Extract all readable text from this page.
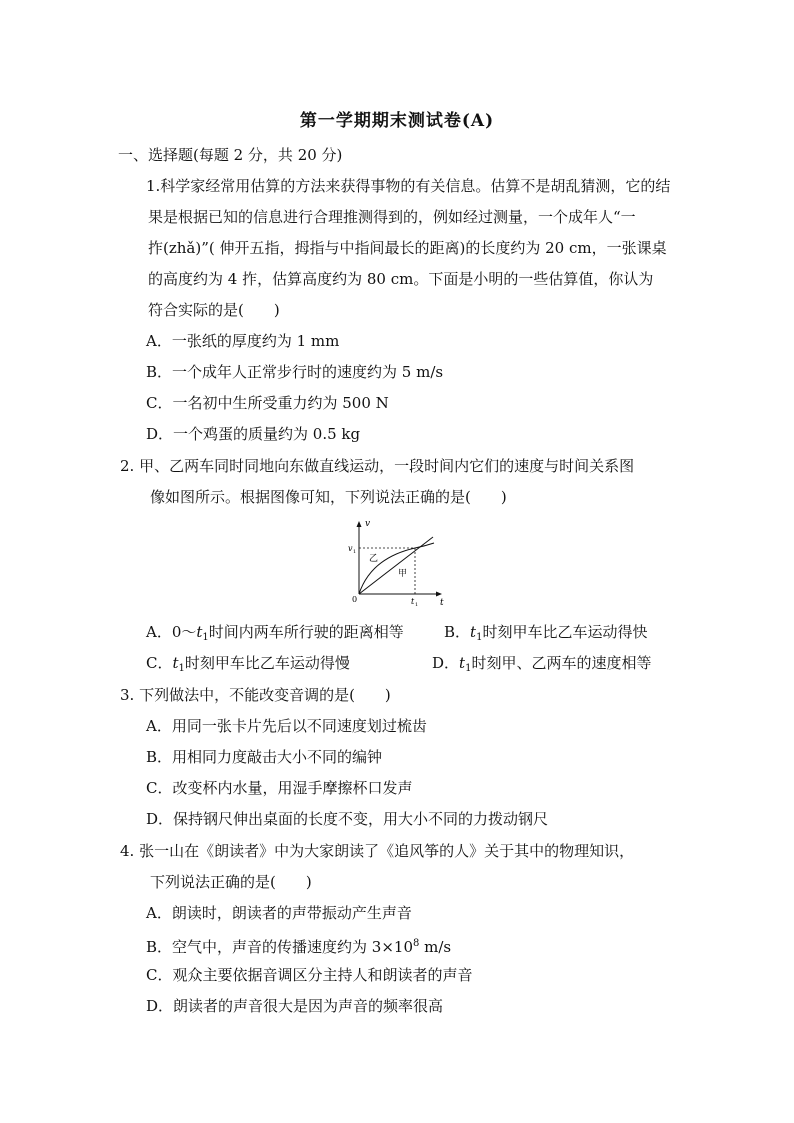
第一学期期末测试卷(A)
一、选择题(每题 2 分，共 20 分)
1.科学家经常用估算的方法来获得事物的有关信息。估算不是胡乱猜测，它的结
果是根据已知的信息进行合理推测得到的，例如经过测量，一个成年人“一
拃(zhǎ)”( 伸开五指，拇指与中指间最长的距离)的长度约为 20 cm，一张课桌
的高度约为 4 拃，估算高度约为 80 cm。下面是小明的一些估算值，你认为
符合实际的是(　　)
A．一张纸的厚度约为 1 mm
B．一个成年人正常步行时的速度约为 5 m/s
C．一名初中生所受重力约为 500 N
D．一个鸡蛋的质量约为 0.5 kg
2. 甲、乙两车同时同地向东做直线运动，一段时间内它们的速度与时间关系图
像如图所示。根据图像可知，下列说法正确的是(　　)
v
t
0
v 1
t 1
乙
甲
A．$0\sim t_1$时间内两车所行驶的距离相等	B．$t_1$时刻甲车比乙车运动得快
C．$t_1$时刻甲车比乙车运动得慢	D．$t_1$时刻甲、乙两车的速度相等
3. 下列做法中，不能改变音调的是(　　)
A．用同一张卡片先后以不同速度划过梳齿
B．用相同力度敲击大小不同的编钟
C．改变杯内水量，用湿手摩擦杯口发声
D．保持钢尺伸出桌面的长度不变，用大小不同的力拨动钢尺
4. 张一山在《朗读者》中为大家朗读了《追风筝的人》关于其中的物理知识，
下列说法正确的是(　　)
A．朗读时，朗读者的声带振动产生声音
B．空气中，声音的传播速度约为 $3\times 10^8$ m/s
C．观众主要依据音调区分主持人和朗读者的声音
D．朗读者的声音很大是因为声音的频率很高
